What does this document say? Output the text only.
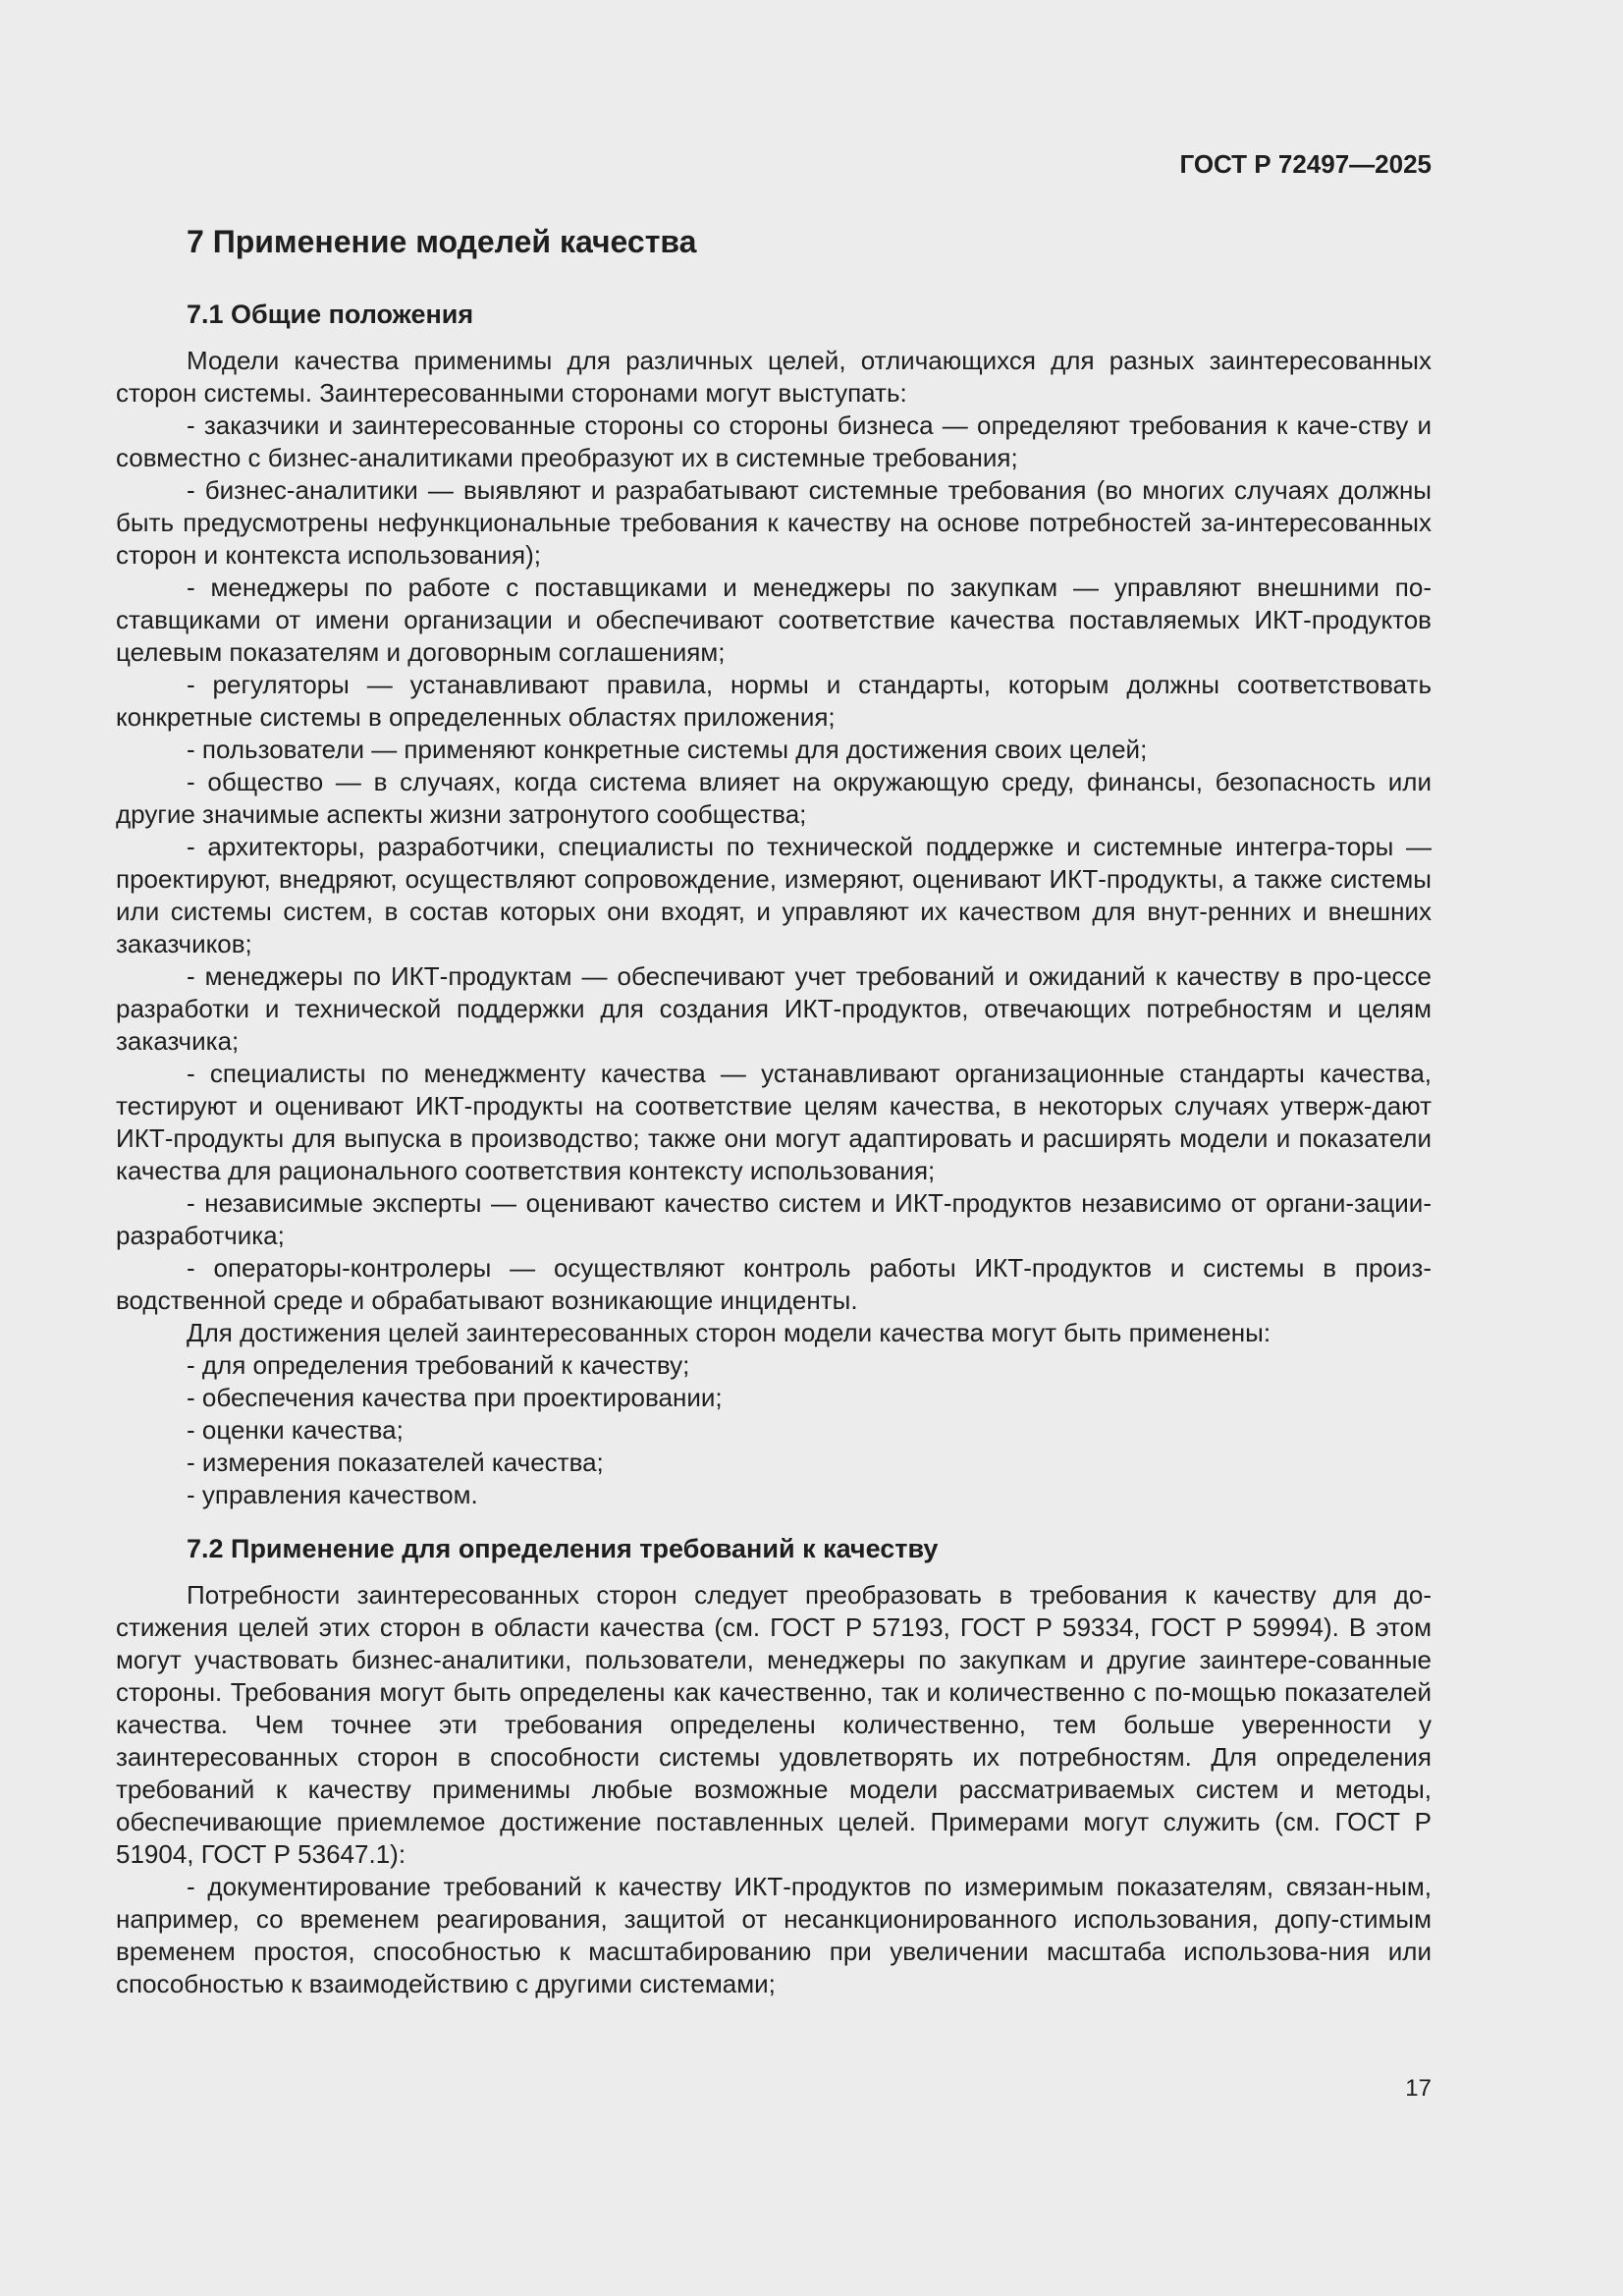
ГОСТ Р 72497—2025
7 Применение моделей качества
7.1 Общие положения

Модели качества применимы для различных целей, отличающихся для разных заинтересованных сторон системы. Заинтересованными сторонами могут выступать:

- заказчики и заинтересованные стороны со стороны бизнеса — определяют требования к каче-ству и совместно с бизнес-аналитиками преобразуют их в системные требования;

- бизнес-аналитики — выявляют и разрабатывают системные требования (во многих случаях должны быть предусмотрены нефункциональные требования к качеству на основе потребностей за-интересованных сторон и контекста использования);

- менеджеры по работе с поставщиками и менеджеры по закупкам — управляют внешними по-ставщиками от имени организации и обеспечивают соответствие качества поставляемых ИКТ-продуктов целевым показателям и договорным соглашениям;

- регуляторы — устанавливают правила, нормы и стандарты, которым должны соответствовать конкретные системы в определенных областях приложения;

- пользователи — применяют конкретные системы для достижения своих целей;

- общество — в случаях, когда система влияет на окружающую среду, финансы, безопасность или другие значимые аспекты жизни затронутого сообщества;

- архитекторы, разработчики, специалисты по технической поддержке и системные интегра-торы — проектируют, внедряют, осуществляют сопровождение, измеряют, оценивают ИКТ-продукты, а также системы или системы систем, в состав которых они входят, и управляют их качеством для внут-ренних и внешних заказчиков;

- менеджеры по ИКТ-продуктам — обеспечивают учет требований и ожиданий к качеству в про-цессе разработки и технической поддержки для создания ИКТ-продуктов, отвечающих потребностям и целям заказчика;

- специалисты по менеджменту качества — устанавливают организационные стандарты качества, тестируют и оценивают ИКТ-продукты на соответствие целям качества, в некоторых случаях утверж-дают ИКТ-продукты для выпуска в производство; также они могут адаптировать и расширять модели и показатели качества для рационального соответствия контексту использования;

- независимые эксперты — оценивают качество систем и ИКТ-продуктов независимо от органи-зации-разработчика;

- операторы-контролеры — осуществляют контроль работы ИКТ-продуктов и системы в произ-водственной среде и обрабатывают возникающие инциденты.

Для достижения целей заинтересованных сторон модели качества могут быть применены:

- для определения требований к качеству;

- обеспечения качества при проектировании;

- оценки качества;

- измерения показателей качества;

- управления качеством.

7.2 Применение для определения требований к качеству

Потребности заинтересованных сторон следует преобразовать в требования к качеству для до-стижения целей этих сторон в области качества (см. ГОСТ Р 57193, ГОСТ Р 59334, ГОСТ Р 59994). В этом могут участвовать бизнес-аналитики, пользователи, менеджеры по закупкам и другие заинтере-сованные стороны. Требования могут быть определены как качественно, так и количественно с по-мощью показателей качества. Чем точнее эти требования определены количественно, тем больше уверенности у заинтересованных сторон в способности системы удовлетворять их потребностям. Для определения требований к качеству применимы любые возможные модели рассматриваемых систем и методы, обеспечивающие приемлемое достижение поставленных целей. Примерами могут служить (см. ГОСТ Р 51904, ГОСТ Р 53647.1):

- документирование требований к качеству ИКТ-продуктов по измеримым показателям, связан-ным, например, со временем реагирования, защитой от несанкционированного использования, допу-стимым временем простоя, способностью к масштабированию при увеличении масштаба использова-ния или способностью к взаимодействию с другими системами;

17
